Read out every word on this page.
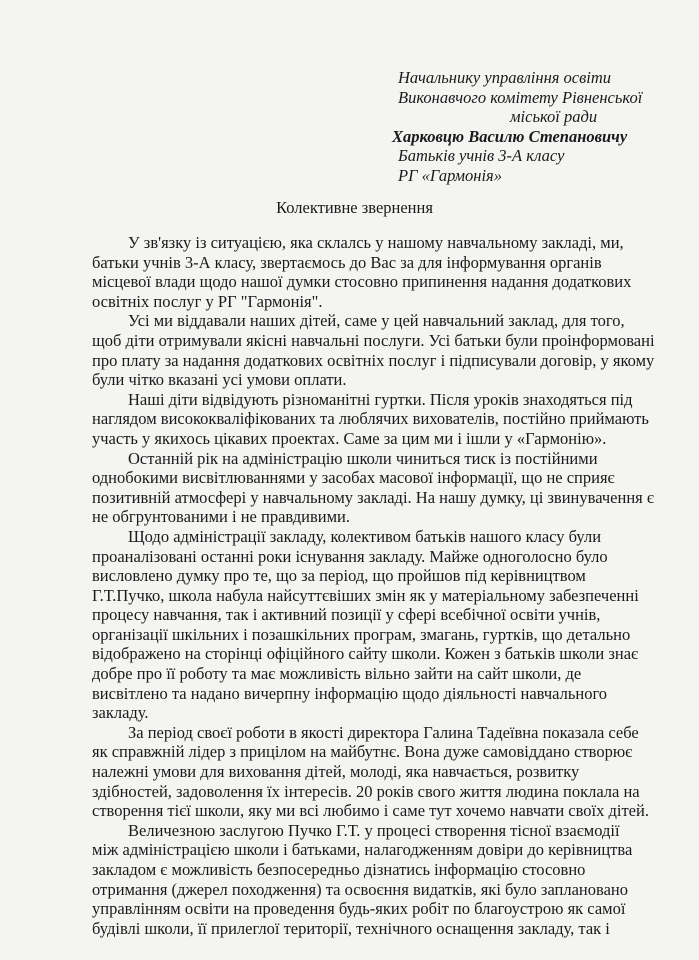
Начальнику управління освіти
Виконавчого комітету Рівненської
міської ради
Харковцю Василю Степановичу
Батьків учнів 3-А класу
РГ «Гармонія»
Колективне звернення
У зв'язку із ситуацією, яка склалсь у нашому навчальному закладі, ми,
батьки учнів 3-А класу, звертаємось до Вас за для інформування органів
місцевої влади щодо нашої думки стосовно припинення надання додаткових
освітніх послуг у РГ "Гармонія".
Усі ми віддавали наших дітей, саме у цей навчальний заклад, для того,
щоб діти отримували якісні навчальні послуги. Усі батьки були проінформовані
про плату за надання додаткових освітніх послуг і підписували договір, у якому
були чітко вказані усі умови оплати.
Наші діти відвідують різноманітні гуртки. Після уроків знаходяться під
наглядом висококваліфікованих та люблячих вихователів, постійно приймають
участь у якихось цікавих проектах. Саме за цим ми і ішли у «Гармонію».
Останній рік на адміністрацію школи чиниться тиск із постійними
однобокими висвітлюваннями у засобах масової інформації, що не сприяє
позитивній атмосфері у навчальному закладі. На нашу думку, ці звинувачення є
не обгрунтованими і не правдивими.
Щодо адміністрації закладу, колективом батьків нашого класу були
проаналізовані останні роки існування закладу. Майже одноголосно було
висловлено думку про те, що за період, що пройшов під керівництвом
Г.Т.Пучко, школа набула найсуттєвіших змін як у матеріальному забезпеченні
процесу навчання, так і активний позиції у сфері всебічної освіти учнів,
організації шкільних і позашкільних програм, змагань, гуртків, що детально
відображено на сторінці офіційного сайту школи. Кожен з батьків школи знає
добре про її роботу та має можливість вільно зайти на сайт школи, де
висвітлено та надано вичерпну інформацію щодо діяльності навчального
закладу.
За період своєї роботи в якості директора Галина Тадеївна показала себе
як справжній лідер з прицілом на майбутнє. Вона дуже самовіддано створює
належні умови для виховання дітей, молоді, яка навчається, розвитку
здібностей, задоволення їх інтересів. 20 років свого життя людина поклала на
створення тієї школи, яку ми всі любимо і саме тут хочемо навчати своїх дітей.
Величезною заслугою Пучко Г.Т. у процесі створення тісної взаємодії
між адміністрацією школи і батьками, налагодженням довіри до керівництва
закладом є можливість безпосередньо дізнатись інформацію стосовно
отримання (джерел походження) та освоєння видатків, які було заплановано
управлінням освіти на проведення будь-яких робіт по благоустрою як самої
будівлі школи, її прилеглої території, технічного оснащення закладу, так і
